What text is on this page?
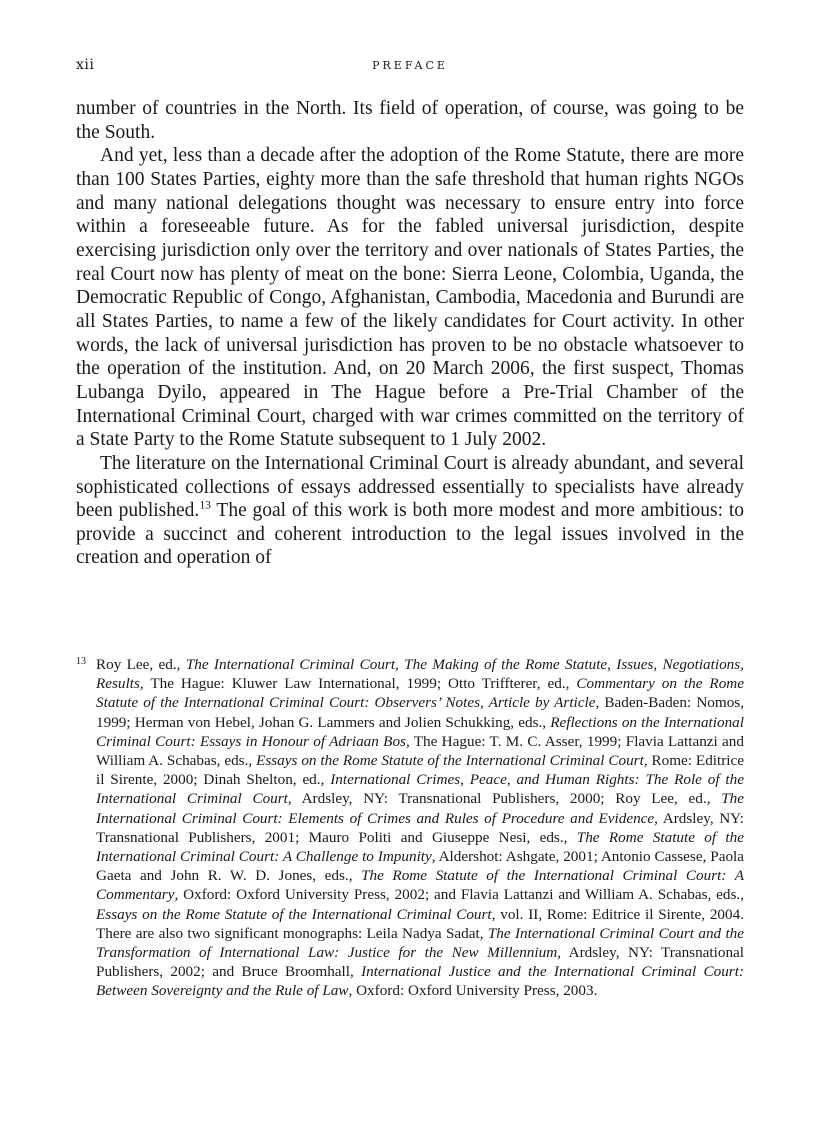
xii	PREFACE

number of countries in the North. Its field of operation, of course, was going to be the South.

And yet, less than a decade after the adoption of the Rome Statute, there are more than 100 States Parties, eighty more than the safe threshold that human rights NGOs and many national delegations thought was necessary to ensure entry into force within a foreseeable future. As for the fabled universal jurisdiction, despite exercising jurisdiction only over the territory and over nationals of States Parties, the real Court now has plenty of meat on the bone: Sierra Leone, Colombia, Uganda, the Democratic Republic of Congo, Afghanistan, Cambodia, Macedonia and Burundi are all States Parties, to name a few of the likely candidates for Court activity. In other words, the lack of universal jurisdiction has proven to be no obstacle whatsoever to the operation of the institution. And, on 20 March 2006, the first suspect, Thomas Lubanga Dyilo, appeared in The Hague before a Pre-Trial Chamber of the International Criminal Court, charged with war crimes committed on the territory of a State Party to the Rome Statute subsequent to 1 July 2002.

The literature on the International Criminal Court is already abundant, and several sophisticated collections of essays addressed essentially to specialists have already been published.$^{13}$ The goal of this work is both more modest and more ambitious: to provide a succinct and coherent introduction to the legal issues involved in the creation and operation of

13 Roy Lee, ed., The International Criminal Court, The Making of the Rome Statute, Issues, Negotiations, Results, The Hague: Kluwer Law International, 1999; Otto Triffterer, ed., Commentary on the Rome Statute of the International Criminal Court: Observers’ Notes, Article by Article, Baden-Baden: Nomos, 1999; Herman von Hebel, Johan G. Lammers and Jolien Schukking, eds., Reflections on the International Criminal Court: Essays in Honour of Adriaan Bos, The Hague: T. M. C. Asser, 1999; Flavia Lattanzi and William A. Schabas, eds., Essays on the Rome Statute of the International Criminal Court, Rome: Editrice il Sirente, 2000; Dinah Shelton, ed., International Crimes, Peace, and Human Rights: The Role of the International Criminal Court, Ardsley, NY: Transnational Publishers, 2000; Roy Lee, ed., The International Criminal Court: Elements of Crimes and Rules of Procedure and Evidence, Ardsley, NY: Transnational Publishers, 2001; Mauro Politi and Giuseppe Nesi, eds., The Rome Statute of the International Criminal Court: A Challenge to Impunity, Aldershot: Ashgate, 2001; Antonio Cassese, Paola Gaeta and John R. W. D. Jones, eds., The Rome Statute of the International Criminal Court: A Commentary, Oxford: Oxford University Press, 2002; and Flavia Lattanzi and William A. Schabas, eds., Essays on the Rome Statute of the International Criminal Court, vol. II, Rome: Editrice il Sirente, 2004. There are also two significant monographs: Leila Nadya Sadat, The International Criminal Court and the Transformation of International Law: Justice for the New Millennium, Ardsley, NY: Transnational Publishers, 2002; and Bruce Broomhall, International Justice and the International Criminal Court: Between Sovereignty and the Rule of Law, Oxford: Oxford University Press, 2003.
